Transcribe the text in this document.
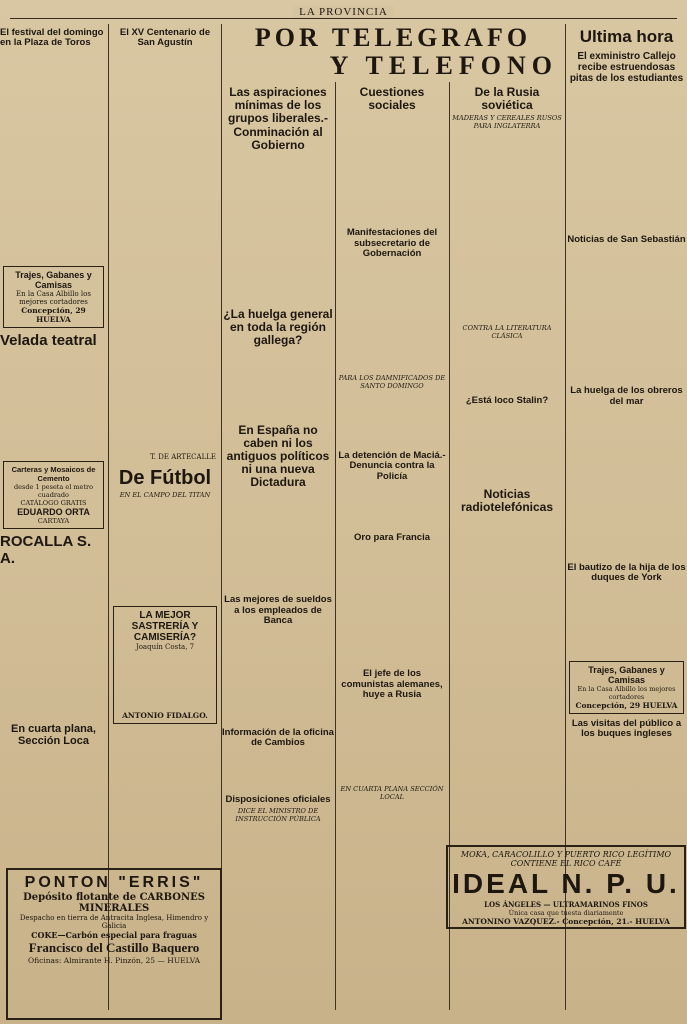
LA PROVINCIA
POR TELEGRAFO
Y TELEFONO
El festival del domingo en la Plaza de Toros

Trajes, Gabanes y Camisas
En la Casa Albillo los mejores cortadores
Concepción, 29 HUELVA
Velada teatral

Carteras y Mosaicos de Cemento
desde 1 peseta el metro cuadrado
CATÁLOGO GRATIS
EDUARDO ORTA
CARTAYA
ROCALLA S. A.

En cuarta plana, Sección Loca
El XV Centenario de San Agustín

T. DE ARTECALLE
De Fútbol
EN EL CAMPO DEL TITAN

LA MEJOR SASTRERÍA Y CAMISERÍA?
Joaquín Costa, 7

ANTONIO FIDALGO.
Las aspiraciones mínimas de los grupos liberales.-Conminación al Gobierno

¿La huelga general en toda la región gallega?

En España no caben ni los antiguos políticos ni una nueva Dictadura

Las mejores de sueldos a los empleados de Banca

Información de la oficina de Cambios

Disposiciones oficiales
DICE EL MINISTRO DE INSTRUCCIÓN PÚBLICA
Cuestiones sociales

Manifestaciones del subsecretario de Gobernación

PARA LOS DAMNIFICADOS DE SANTO DOMINGO

La detención de Maciá.-Denuncia contra la Policía

Oro para Francia

El jefe de los comunistas alemanes, huye a Rusia

EN CUARTA PLANA SECCIÓN LOCAL
De la Rusia soviética
MADERAS Y CEREALES RUSOS PARA INGLATERRA

CONTRA LA LITERATURA CLÁSICA

¿Está loco Stalin?

Noticias radiotelefónicas

Ultima hora
El exministro Callejo recibe estruendosas pitas de los estudiantes

Noticias de San Sebastián

La huelga de los obreros del mar

El bautizo de la hija de los duques de York

Trajes, Gabanes y Camisas
En la Casa Albillo los mejores cortadores
Concepción, 29 HUELVA
Las visitas del público a los buques ingleses

PONTON "ERRIS"
Depósito flotante de CARBONES MINERALES
Despacho en tierra de Antracita Inglesa, Himendro y Galicia
COKE—Carbón especial para fraguas
Francisco del Castillo Baquero
Oficinas: Almirante H. Pinzón, 25 — HUELVA
MOKA, CARACOLILLO Y PUERTO RICO LEGÍTIMO CONTIENE EL RICO CAFÉ
IDEAL N. P. U.
LOS ÁNGELES — ULTRAMARINOS FINOS
Única casa que tuesta diariamente
ANTONINO VAZQUEZ.- Concepción, 21.- HUELVA
